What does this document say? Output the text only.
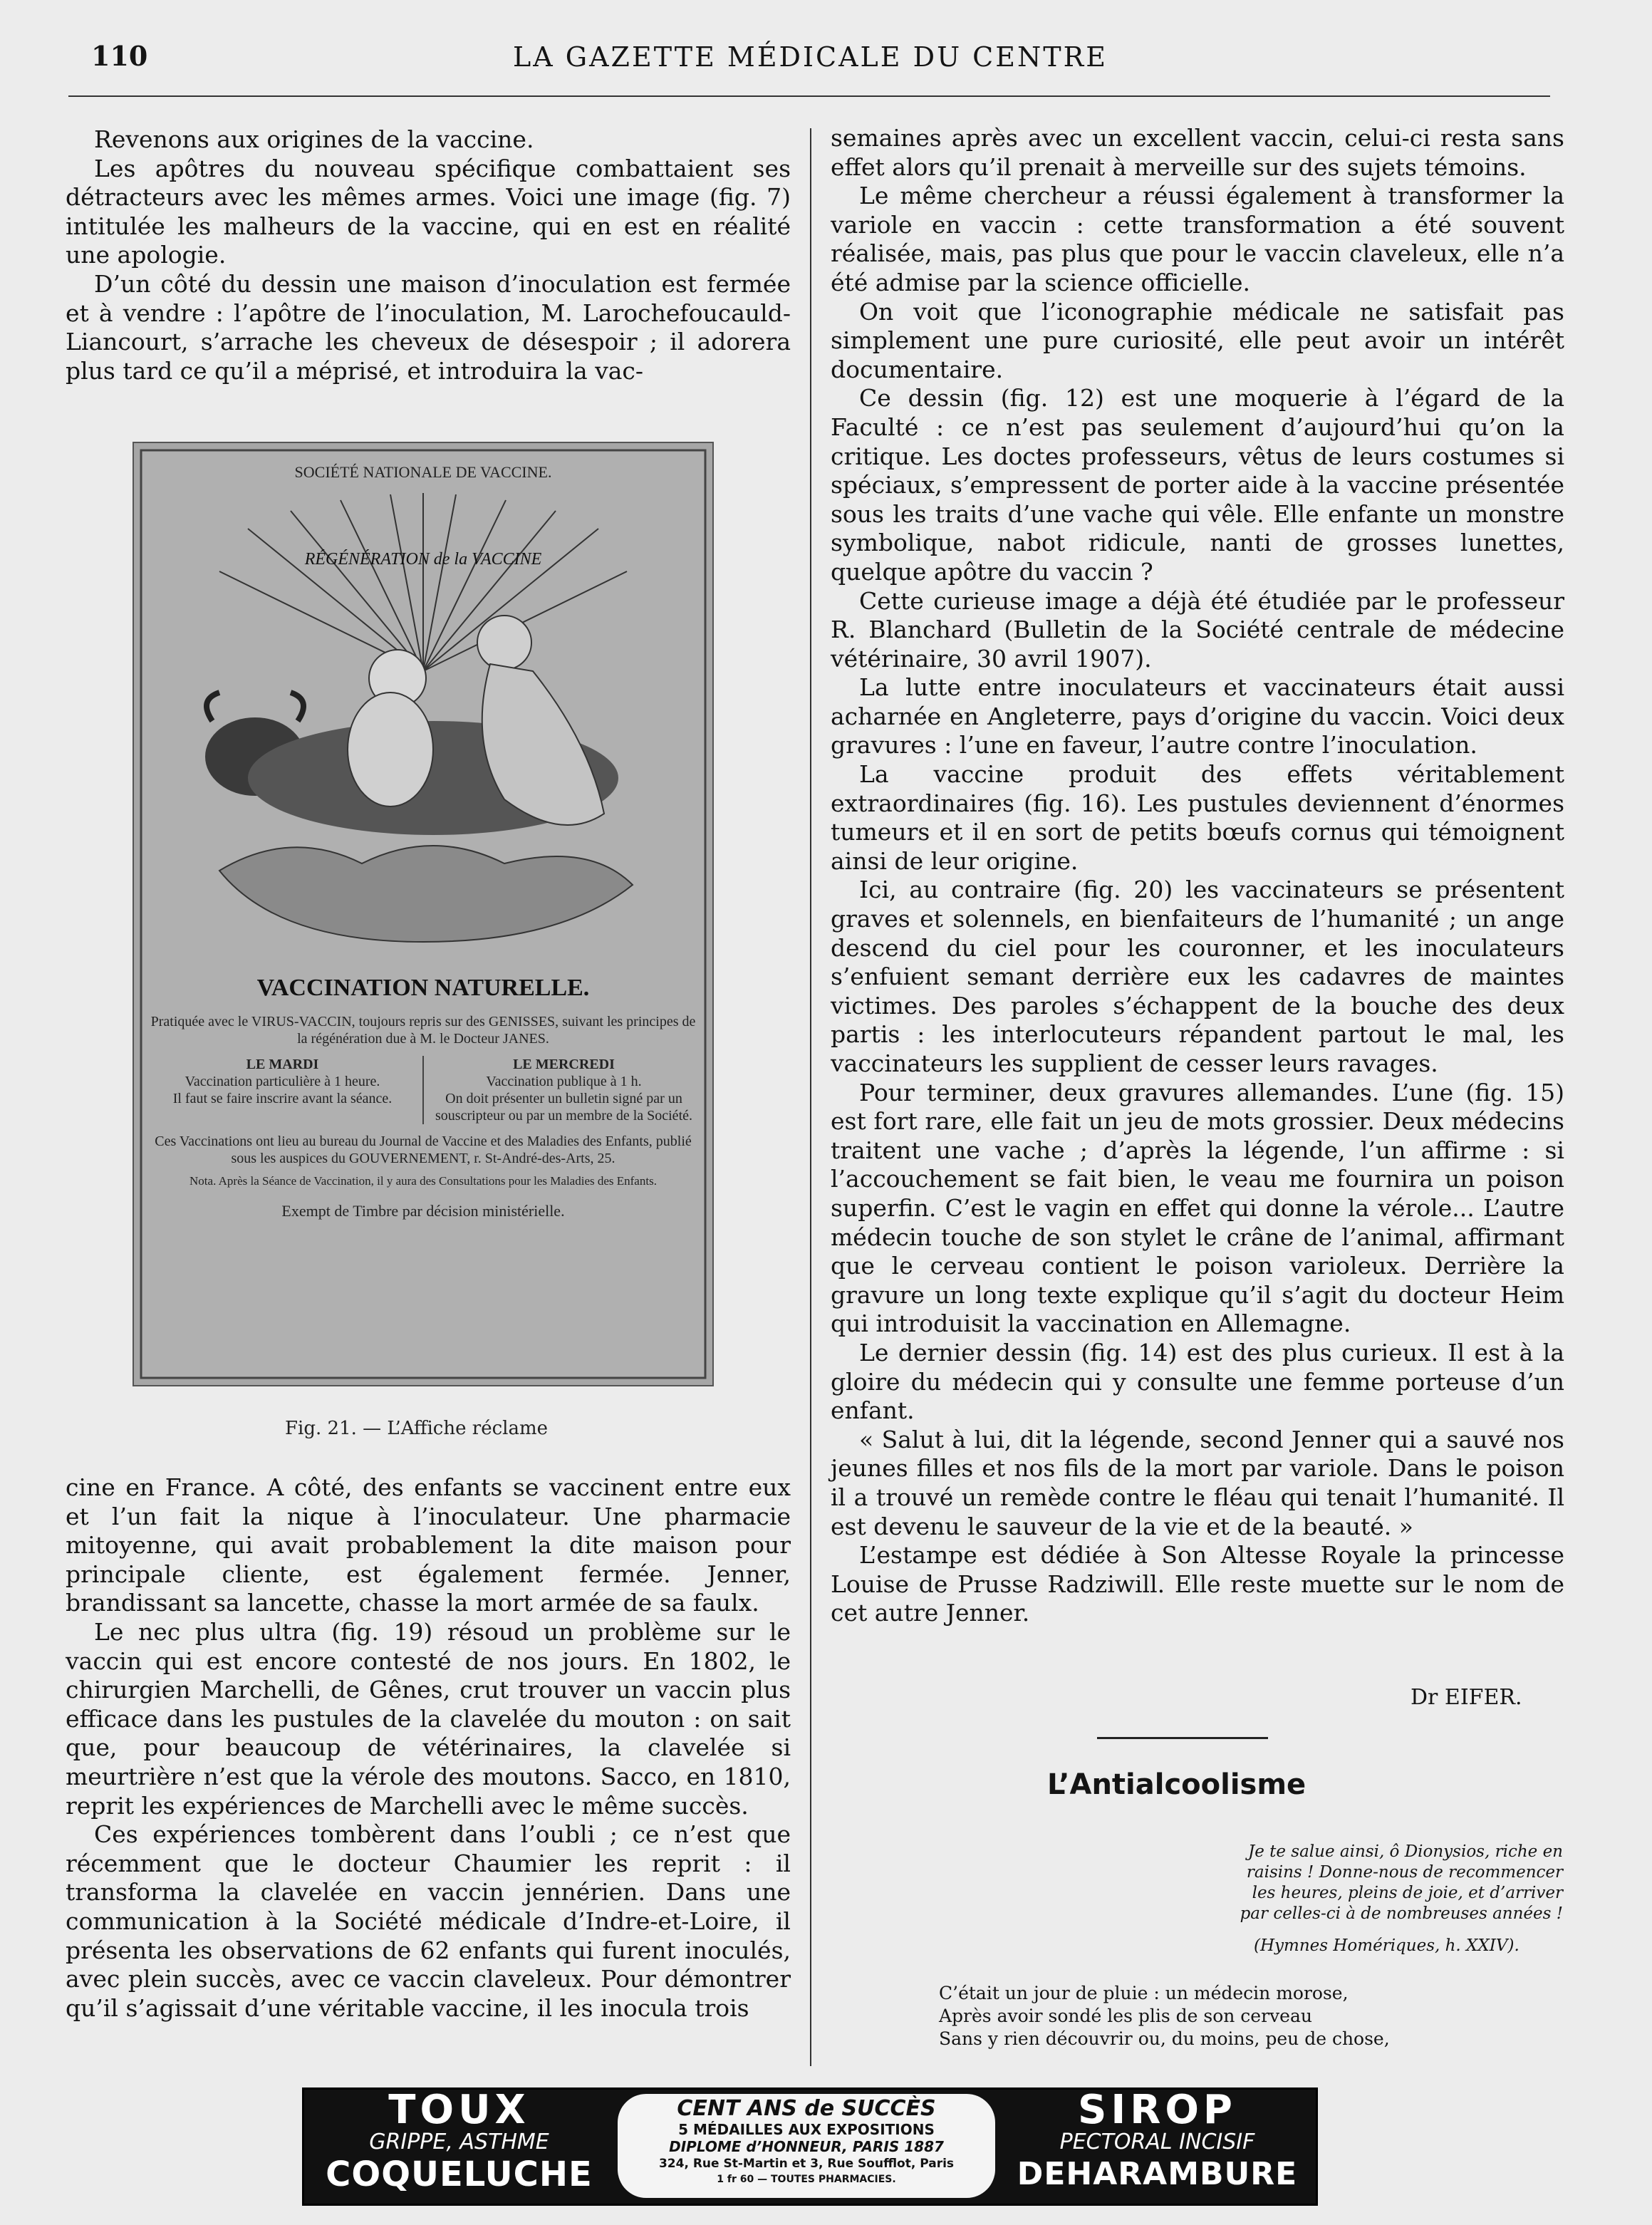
110	LA GAZETTE MÉDICALE DU CENTRE

Revenons aux origines de la vaccine.

Les apôtres du nouveau spécifique combattaient ses détracteurs avec les mêmes armes. Voici une image (fig. 7) intitulée les malheurs de la vaccine, qui en est en réalité une apologie.

D’un côté du dessin une maison d’inoculation est fermée et à vendre : l’apôtre de l’inoculation, M. Larochefoucauld-Liancourt, s’arrache les cheveux de désespoir ; il adorera plus tard ce qu’il a méprisé, et introduira la vac-

SOCIÉTÉ NATIONALE DE VACCINE.
RÉGÉNÉRATION de la VACCINE
VACCINATION NATURELLE.
Pratiquée avec le VIRUS-VACCIN, toujours repris sur des GENISSES, suivant les principes de la régénération due à M. le Docteur JANES.
LE MARDI
Vaccination particulière à 1 heure.
Il faut se faire inscrire avant la séance.
LE MERCREDI
Vaccination publique à 1 h.
On doit présenter un bulletin signé par un souscripteur ou par un membre de la Société.
Ces Vaccinations ont lieu au bureau du Journal de Vaccine et des Maladies des Enfants, publié sous les auspices du GOUVERNEMENT, r. St-André-des-Arts, 25.
Nota. Après la Séance de Vaccination, il y aura des Consultations pour les Maladies des Enfants.
Exempt de Timbre par décision ministérielle.
Fig. 21. — L’Affiche réclame

cine en France. A côté, des enfants se vaccinent entre eux et l’un fait la nique à l’inoculateur. Une pharmacie mitoyenne, qui avait probablement la dite maison pour principale cliente, est également fermée. Jenner, brandissant sa lancette, chasse la mort armée de sa faulx.

Le nec plus ultra (fig. 19) résoud un problème sur le vaccin qui est encore contesté de nos jours. En 1802, le chirurgien Marchelli, de Gênes, crut trouver un vaccin plus efficace dans les pustules de la clavelée du mouton : on sait que, pour beaucoup de vétérinaires, la clavelée si meurtrière n’est que la vérole des moutons. Sacco, en 1810, reprit les expériences de Marchelli avec le même succès.

Ces expériences tombèrent dans l’oubli ; ce n’est que récemment que le docteur Chaumier les reprit : il transforma la clavelée en vaccin jennérien. Dans une communication à la Société médicale d’Indre-et-Loire, il présenta les observations de 62 enfants qui furent inoculés, avec plein succès, avec ce vaccin claveleux. Pour démontrer qu’il s’agissait d’une véritable vaccine, il les inocula trois

semaines après avec un excellent vaccin, celui-ci resta sans effet alors qu’il prenait à merveille sur des sujets témoins.

Le même chercheur a réussi également à transformer la variole en vaccin : cette transformation a été souvent réalisée, mais, pas plus que pour le vaccin claveleux, elle n’a été admise par la science officielle.

On voit que l’iconographie médicale ne satisfait pas simplement une pure curiosité, elle peut avoir un intérêt documentaire.

Ce dessin (fig. 12) est une moquerie à l’égard de la Faculté : ce n’est pas seulement d’aujourd’hui qu’on la critique. Les doctes professeurs, vêtus de leurs costumes si spéciaux, s’empressent de porter aide à la vaccine présentée sous les traits d’une vache qui vêle. Elle enfante un monstre symbolique, nabot ridicule, nanti de grosses lunettes, quelque apôtre du vaccin ?

Cette curieuse image a déjà été étudiée par le professeur R. Blanchard (Bulletin de la Société centrale de médecine vétérinaire, 30 avril 1907).

La lutte entre inoculateurs et vaccinateurs était aussi acharnée en Angleterre, pays d’origine du vaccin. Voici deux gravures : l’une en faveur, l’autre contre l’inoculation.

La vaccine produit des effets véritablement extraordinaires (fig. 16). Les pustules deviennent d’énormes tumeurs et il en sort de petits bœufs cornus qui témoignent ainsi de leur origine.

Ici, au contraire (fig. 20) les vaccinateurs se présentent graves et solennels, en bienfaiteurs de l’humanité ; un ange descend du ciel pour les couronner, et les inoculateurs s’enfuient semant derrière eux les cadavres de maintes victimes. Des paroles s’échappent de la bouche des deux partis : les interlocuteurs répandent partout le mal, les vaccinateurs les supplient de cesser leurs ravages.

Pour terminer, deux gravures allemandes. L’une (fig. 15) est fort rare, elle fait un jeu de mots grossier. Deux médecins traitent une vache ; d’après la légende, l’un affirme : si l’accouchement se fait bien, le veau me fournira un poison superfin. C’est le vagin en effet qui donne la vérole... L’autre médecin touche de son stylet le crâne de l’animal, affirmant que le cerveau contient le poison varioleux. Derrière la gravure un long texte explique qu’il s’agit du docteur Heim qui introduisit la vaccination en Allemagne.

Le dernier dessin (fig. 14) est des plus curieux. Il est à la gloire du médecin qui y consulte une femme porteuse d’un enfant.

« Salut à lui, dit la légende, second Jenner qui a sauvé nos jeunes filles et nos fils de la mort par variole. Dans le poison il a trouvé un remède contre le fléau qui tenait l’humanité. Il est devenu le sauveur de la vie et de la beauté. »

L’estampe est dédiée à Son Altesse Royale la princesse Louise de Prusse Radziwill. Elle reste muette sur le nom de cet autre Jenner.

Dr EIFER.
L’Antialcoolisme
Je te salue ainsi, ô Dionysios, riche en raisins ! Donne-nous de recommencer les heures, pleins de joie, et d’arriver par celles-ci à de nombreuses années !
(Hymnes Homériques, h. XXIV).
C’était un jour de pluie : un médecin morose,
Après avoir sondé les plis de son cerveau
Sans y rien découvrir ou, du moins, peu de chose,
TOUX
GRIPPE, ASTHME
COQUELUCHE
CENT ANS de SUCCÈS
5 MÉDAILLES AUX EXPOSITIONS
DIPLOME d’HONNEUR, PARIS 1887
324, Rue St-Martin et 3, Rue Soufflot, Paris
1 fr 60 — TOUTES PHARMACIES.
SIROP
PECTORAL INCISIF
DEHARAMBURE
